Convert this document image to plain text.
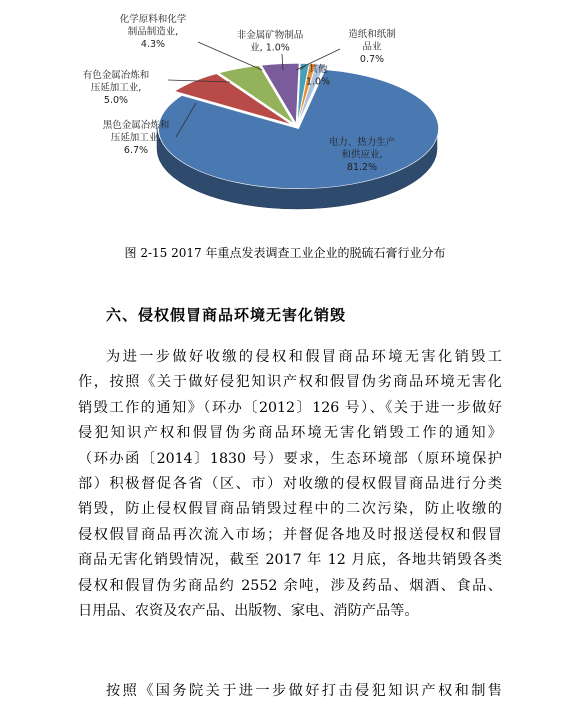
电力、热力生产
和供应业,
81.2%
黑色金属冶炼和
压延加工业,
6.7%
有色金属冶炼和
压延加工业,
5.0%
化学原料和化学
制品制造业,
4.3%
非金属矿物制品
业, 1.0%
造纸和纸制
品业
0.7%
其他
1.0%
图 2-15 2017 年重点发表调查工业企业的脱硫石膏行业分布
六、侵权假冒商品环境无害化销毁
为进一步做好收缴的侵权和假冒商品环境无害化销毁工
作，按照《关于做好侵犯知识产权和假冒伪劣商品环境无害化
销毁工作的通知》（环办〔2012〕126 号）、《关于进一步做好
侵犯知识产权和假冒伪劣商品环境无害化销毁工作的通知》
（环办函〔2014〕1830 号）要求，生态环境部（原环境保护
部）积极督促各省（区、市）对收缴的侵权假冒商品进行分类
销毁，防止侵权假冒商品销毁过程中的二次污染，防止收缴的
侵权假冒商品再次流入市场；并督促各地及时报送侵权和假冒
商品无害化销毁情况，截至 2017 年 12 月底，各地共销毁各类
侵权和假冒伪劣商品约 2552 余吨，涉及药品、烟酒、食品、
日用品、农资及农产品、出版物、家电、消防产品等。
按照《国务院关于进一步做好打击侵犯知识产权和制售
